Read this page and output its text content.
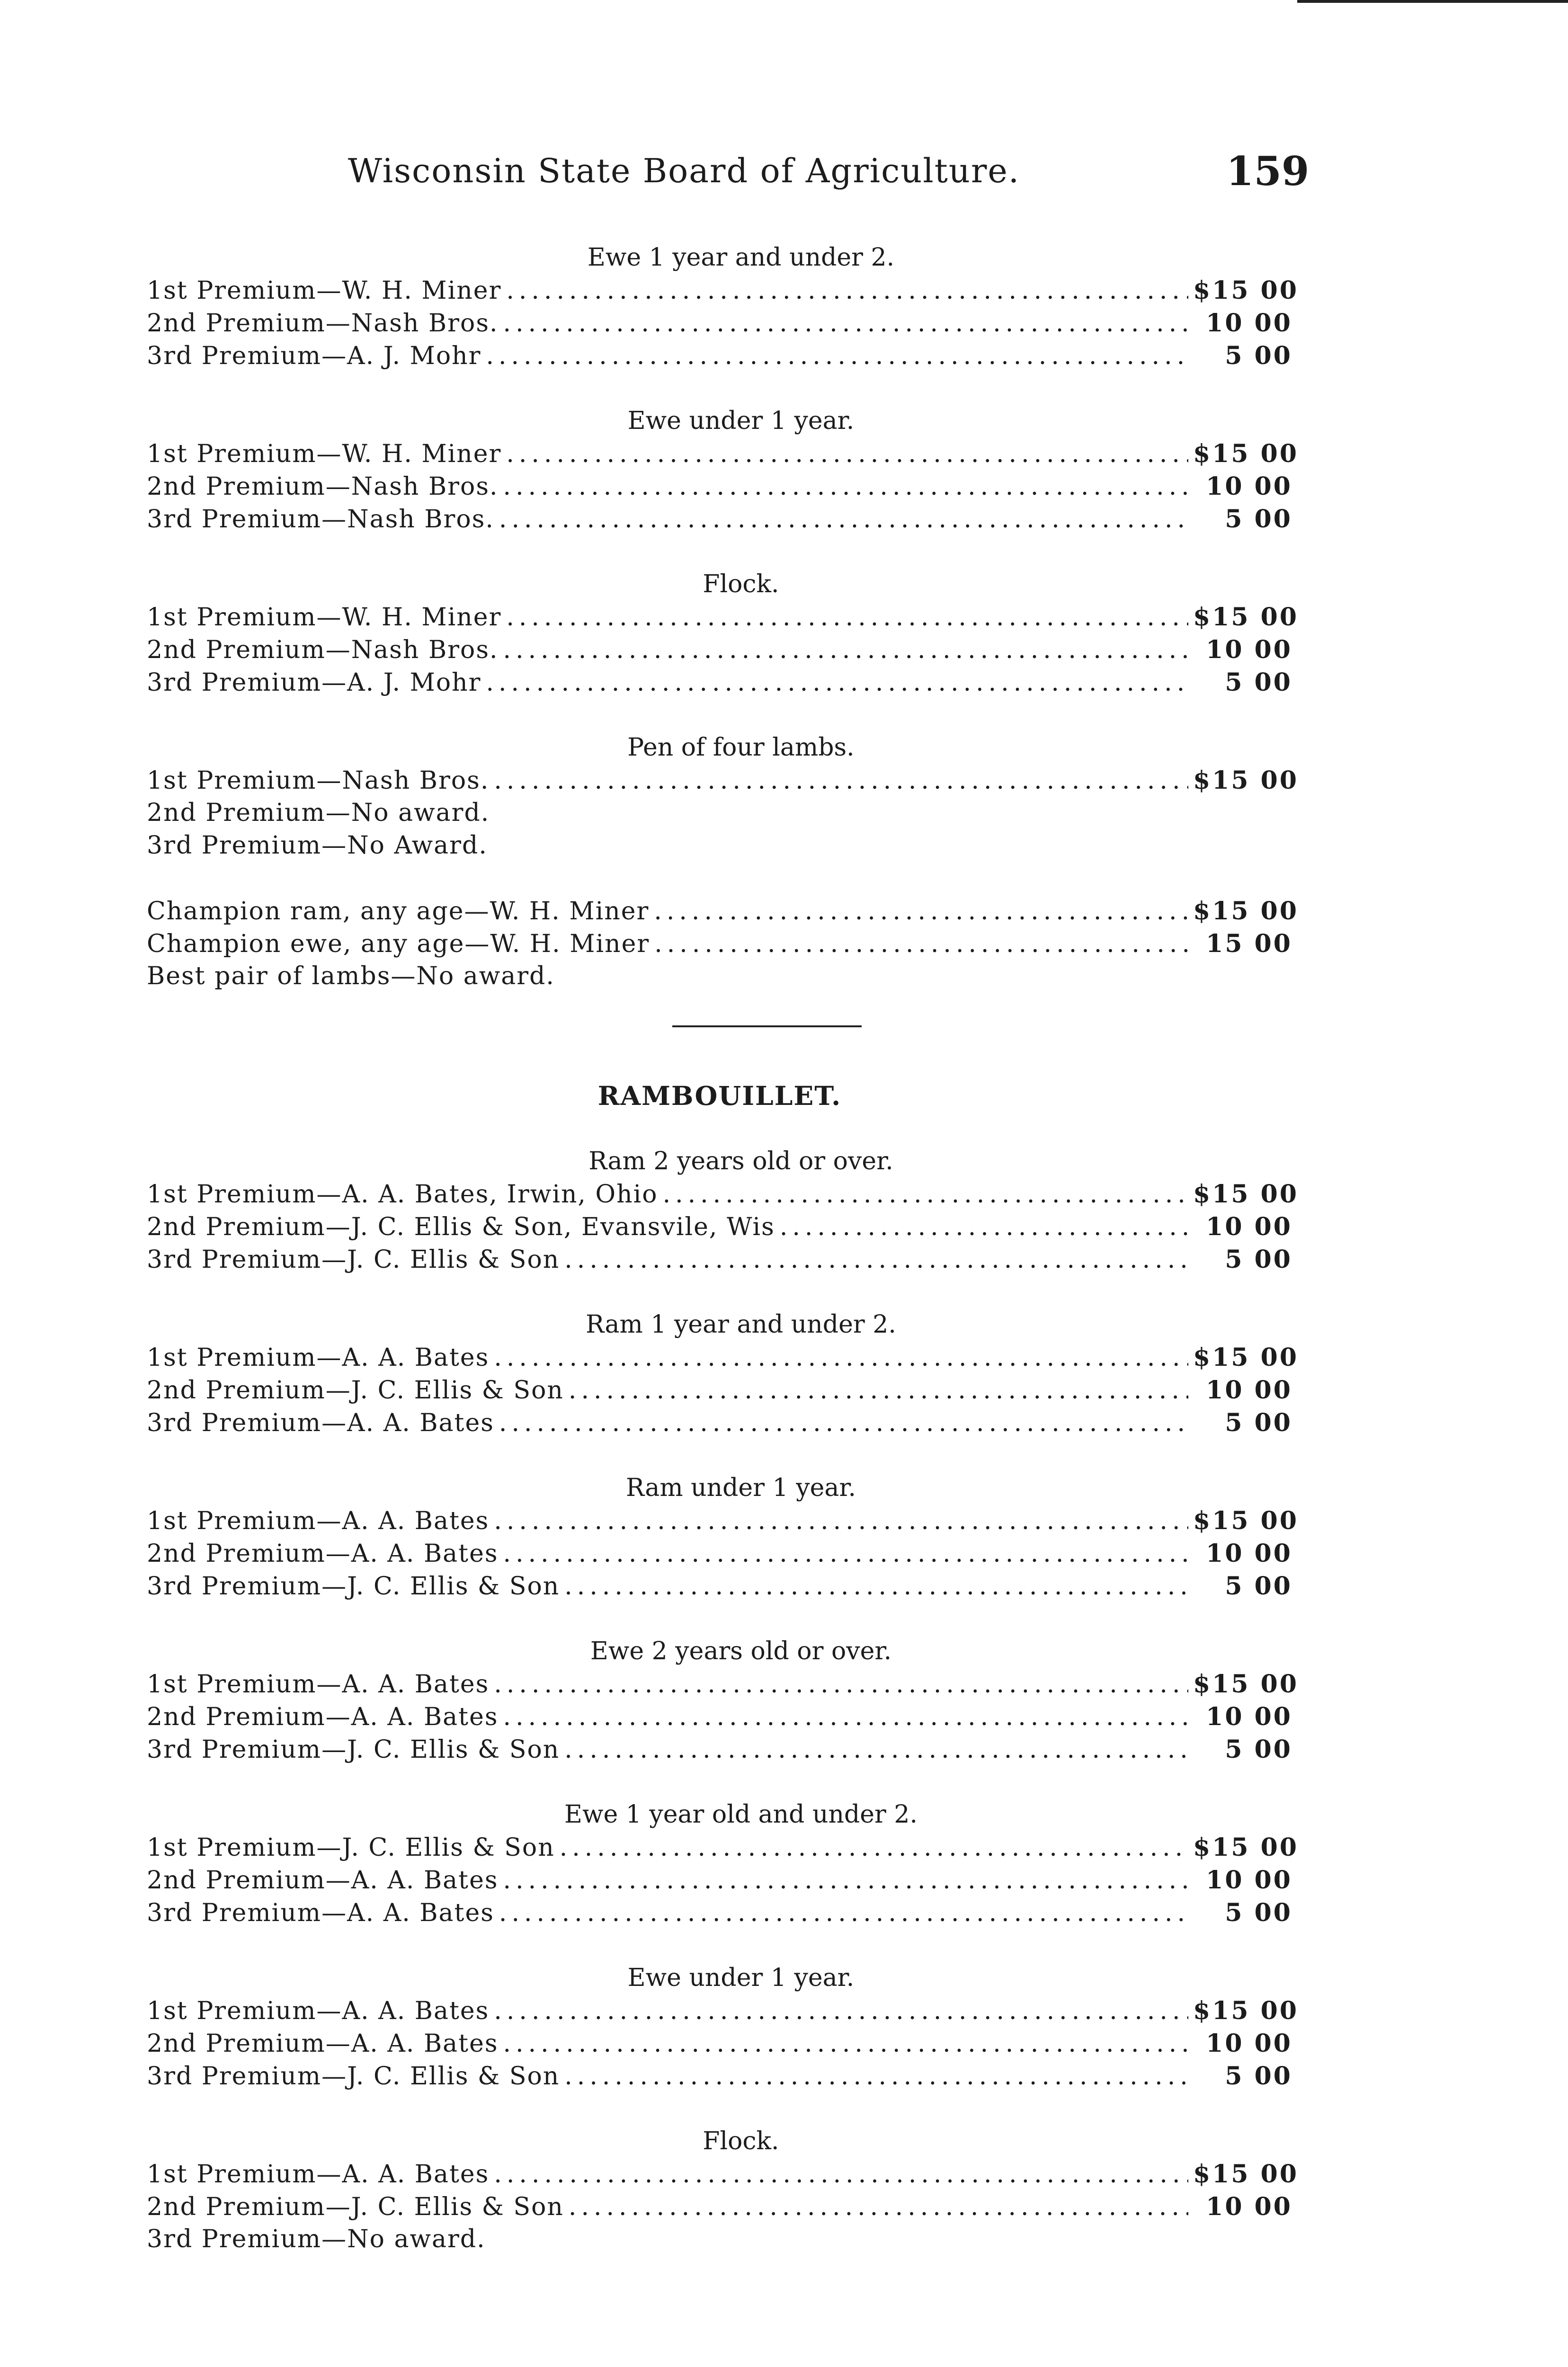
Wisconsin State Board of Agriculture.	159
Ewe 1 year and under 2.
1st Premium—W. H. Miner .....	$15 00
2nd Premium—Nash Bros. .....	10 00
3rd Premium—A. J. Mohr .....	5 00
Ewe under 1 year.
1st Premium—W. H. Miner .....	$15 00
2nd Premium—Nash Bros. .....	10 00
3rd Premium—Nash Bros. .....	5 00
Flock.
1st Premium—W. H. Miner .....	$15 00
2nd Premium—Nash Bros. .....	10 00
3rd Premium—A. J. Mohr .....	5 00
Pen of four lambs.
1st Premium—Nash Bros. .....	$15 00
2nd Premium—No award.
3rd Premium—No Award.
Champion ram, any age—W. H. Miner .....	$15 00
Champion ewe, any age—W. H. Miner .....	15 00
Best pair of lambs—No award.
RAMBOUILLET.
Ram 2 years old or over.
1st Premium—A. A. Bates, Irwin, Ohio .....	$15 00
2nd Premium—J. C. Ellis & Son, Evansvile, Wis .....	10 00
3rd Premium—J. C. Ellis & Son .....	5 00
Ram 1 year and under 2.
1st Premium—A. A. Bates .....	$15 00
2nd Premium—J. C. Ellis & Son .....	10 00
3rd Premium—A. A. Bates .....	5 00
Ram under 1 year.
1st Premium—A. A. Bates .....	$15 00
2nd Premium—A. A. Bates .....	10 00
3rd Premium—J. C. Ellis & Son .....	5 00
Ewe 2 years old or over.
1st Premium—A. A. Bates .....	$15 00
2nd Premium—A. A. Bates .....	10 00
3rd Premium—J. C. Ellis & Son .....	5 00
Ewe 1 year old and under 2.
1st Premium—J. C. Ellis & Son .....	$15 00
2nd Premium—A. A. Bates .....	10 00
3rd Premium—A. A. Bates .....	5 00
Ewe under 1 year.
1st Premium—A. A. Bates .....	$15 00
2nd Premium—A. A. Bates .....	10 00
3rd Premium—J. C. Ellis & Son .....	5 00
Flock.
1st Premium—A. A. Bates .....	$15 00
2nd Premium—J. C. Ellis & Son .....	10 00
3rd Premium—No award.
